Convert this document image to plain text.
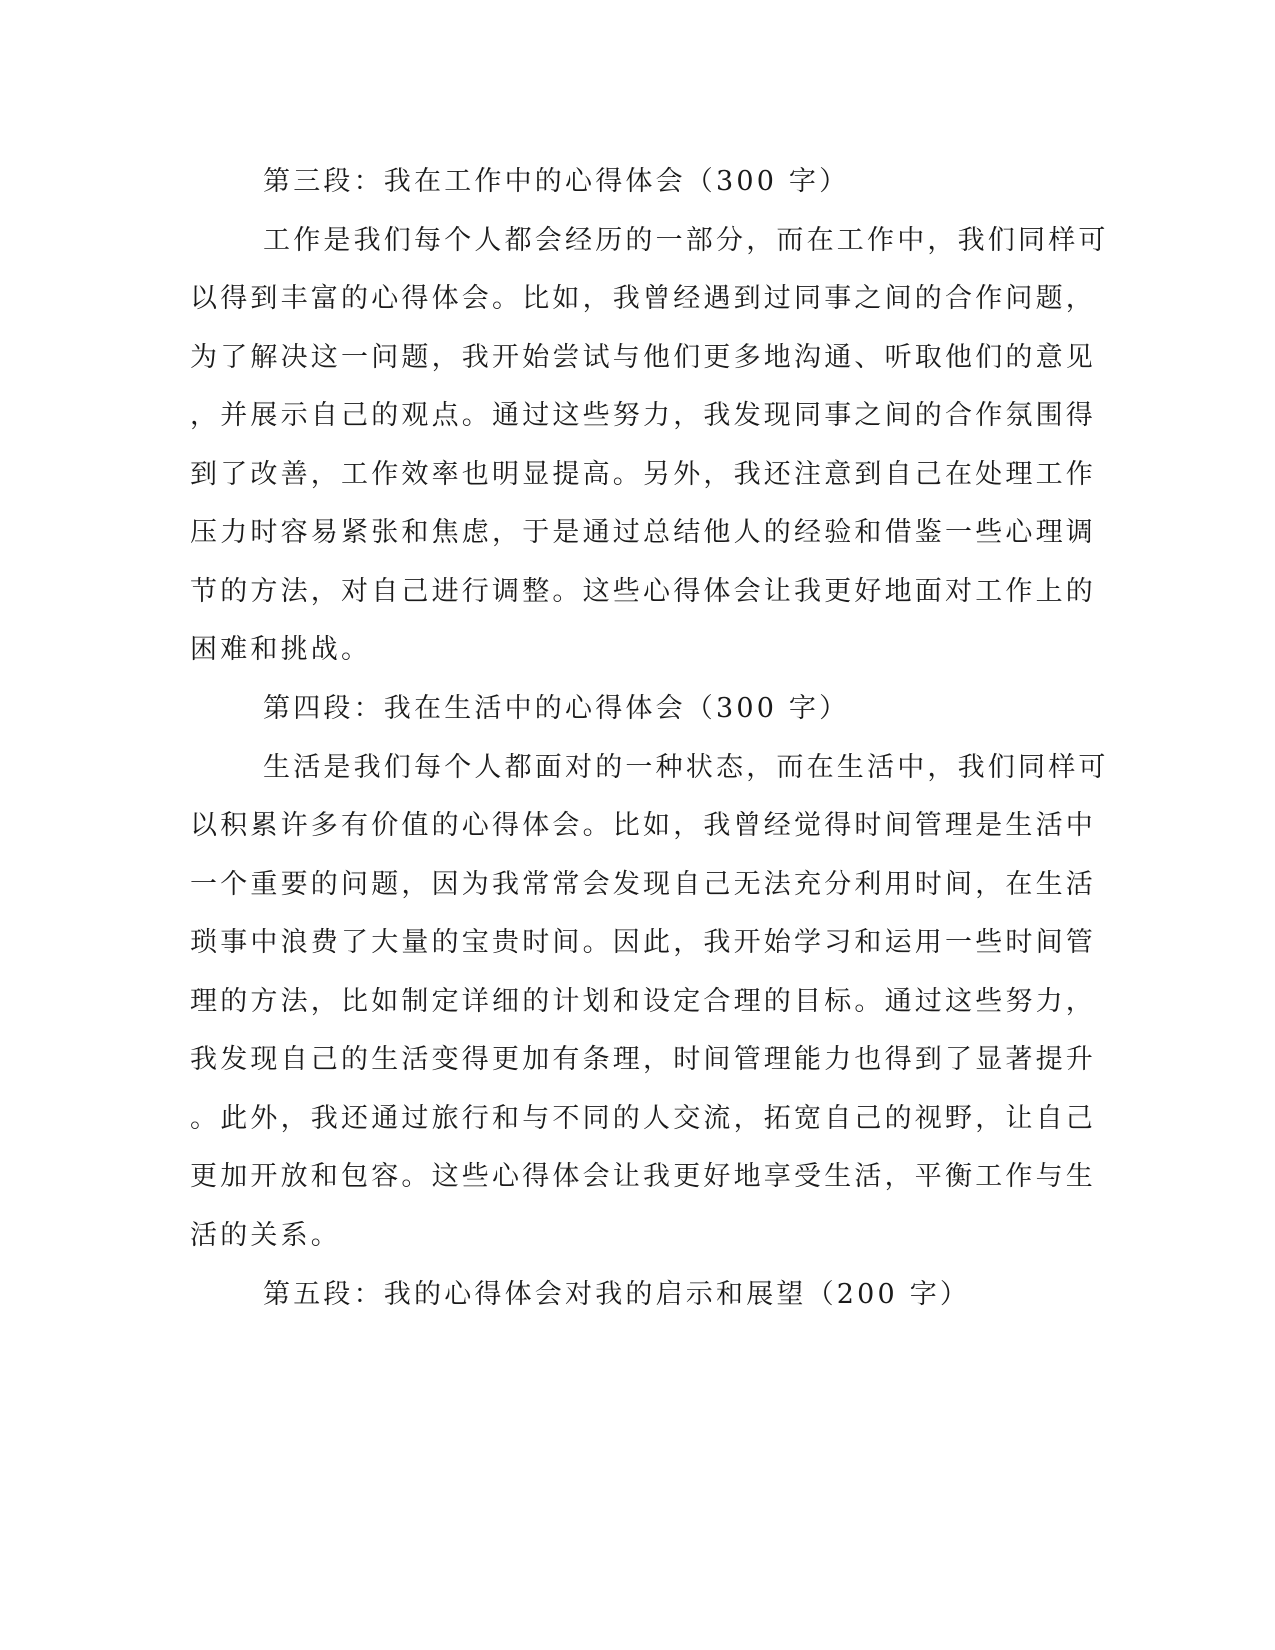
第三段：我在工作中的心得体会（300 字）
工作是我们每个人都会经历的一部分，而在工作中，我们同样可
以得到丰富的心得体会。比如，我曾经遇到过同事之间的合作问题，
为了解决这一问题，我开始尝试与他们更多地沟通、听取他们的意见
，并展示自己的观点。通过这些努力，我发现同事之间的合作氛围得
到了改善，工作效率也明显提高。另外，我还注意到自己在处理工作
压力时容易紧张和焦虑，于是通过总结他人的经验和借鉴一些心理调
节的方法，对自己进行调整。这些心得体会让我更好地面对工作上的
困难和挑战。
第四段：我在生活中的心得体会（300 字）
生活是我们每个人都面对的一种状态，而在生活中，我们同样可
以积累许多有价值的心得体会。比如，我曾经觉得时间管理是生活中
一个重要的问题，因为我常常会发现自己无法充分利用时间，在生活
琐事中浪费了大量的宝贵时间。因此，我开始学习和运用一些时间管
理的方法，比如制定详细的计划和设定合理的目标。通过这些努力，
我发现自己的生活变得更加有条理，时间管理能力也得到了显著提升
。此外，我还通过旅行和与不同的人交流，拓宽自己的视野，让自己
更加开放和包容。这些心得体会让我更好地享受生活，平衡工作与生
活的关系。
第五段：我的心得体会对我的启示和展望（200 字）
